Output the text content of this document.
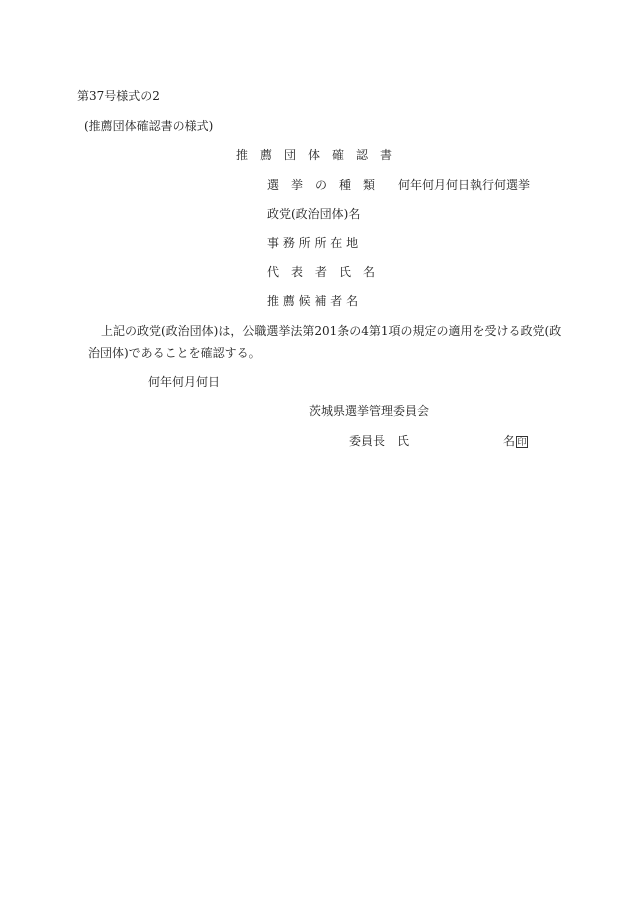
第37号様式の2
(推薦団体確認書の様式)
推　薦　団　体　確　認　書
選　挙　の　種　類 何年何月何日執行何選挙
政党(政治団体)名
事 務 所 所 在 地
代　表　者　氏　名
推 薦 候 補 者 名
上記の政党(政治団体)は，公職選挙法第201条の4第1項の規定の適用を受ける政党(政
治団体)であることを確認する。
何年何月何日
茨城県選挙管理委員会
委員長　氏	名 印
